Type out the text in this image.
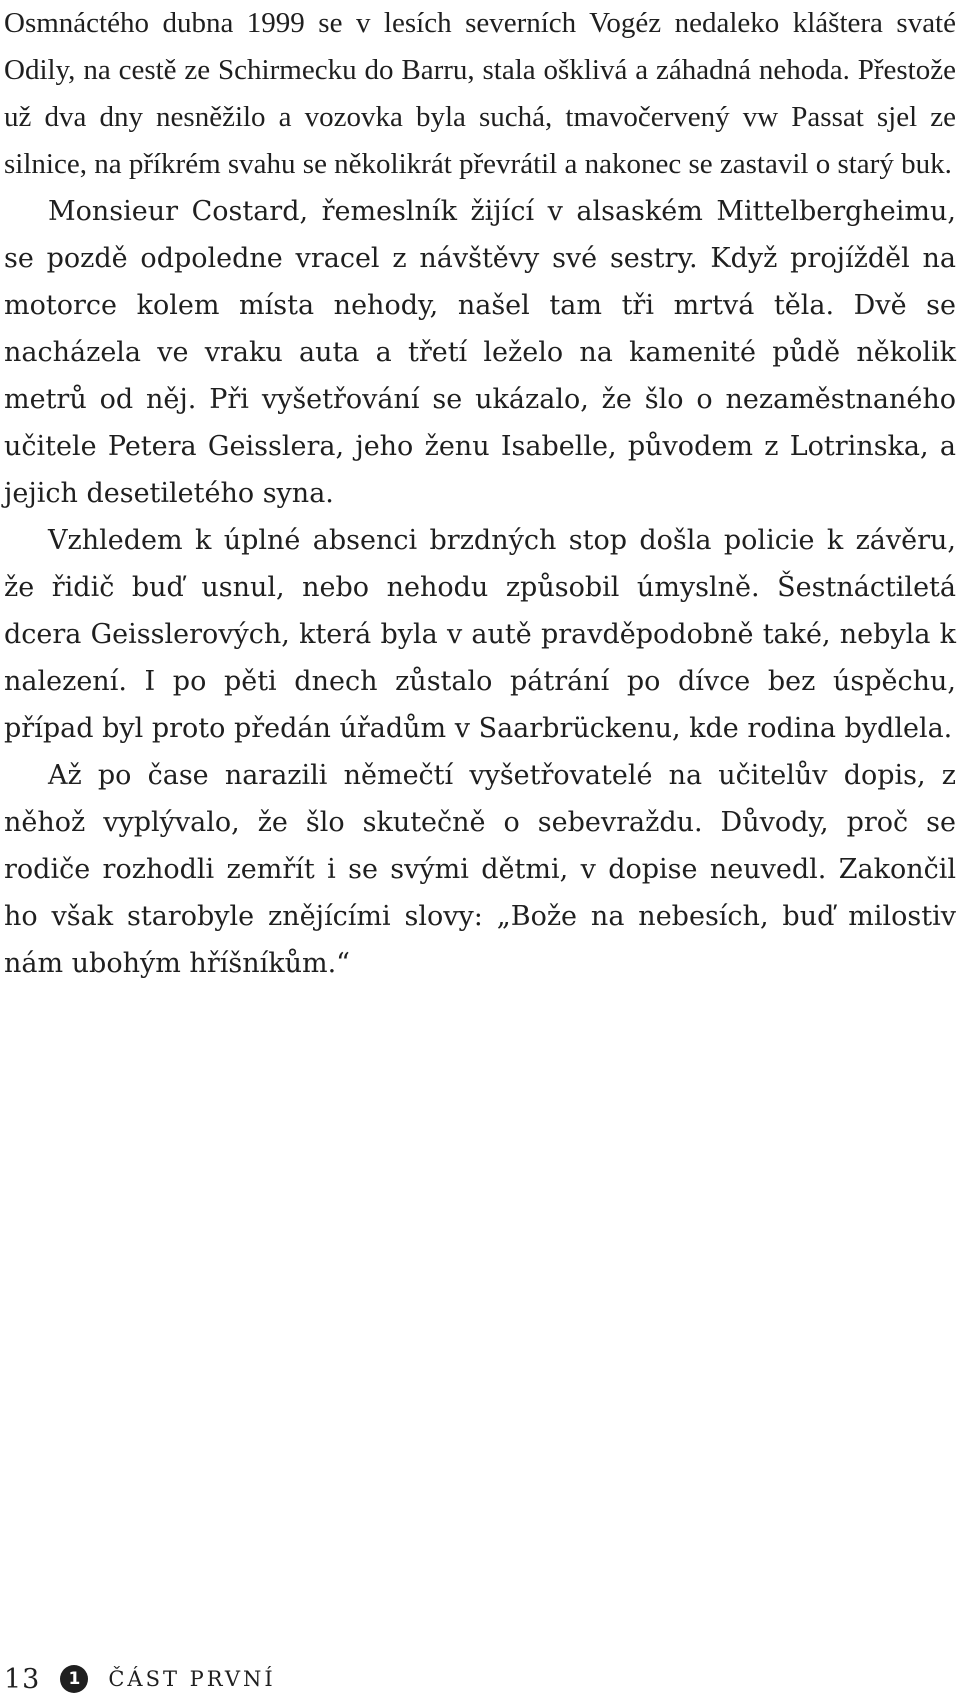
Osmnáctého dubna 1999 se v lesích severních Vogéz nedaleko kláštera svaté Odily, na cestě ze Schirmecku do Barru, stala ošklivá a záhadná nehoda. Přestože už dva dny nesněžilo a vozovka byla suchá, tmavočervený vw Passat sjel ze silnice, na příkrém svahu se několikrát převrátil a nakonec se zastavil o starý buk.

Monsieur Costard, řemeslník žijící v alsaském Mittelbergheimu, se pozdě odpoledne vracel z návštěvy své sestry. Když projížděl na motorce kolem místa nehody, našel tam tři mrtvá těla. Dvě se nacházela ve vraku auta a třetí leželo na kamenité půdě několik metrů od něj. Při vyšetřování se ukázalo, že šlo o nezaměstnaného učitele Petera Geisslera, jeho ženu Isabelle, původem z Lotrinska, a jejich desetiletého syna.

Vzhledem k úplné absenci brzdných stop došla policie k závěru, že řidič buď usnul, nebo nehodu způsobil úmyslně. Šestnáctiletá dcera Geisslerových, která byla v autě pravděpodobně také, nebyla k nalezení. I po pěti dnech zůstalo pátrání po dívce bez úspěchu, případ byl proto předán úřadům v Saarbrückenu, kde rodina bydlela.

Až po čase narazili němečtí vyšetřovatelé na učitelův dopis, z něhož vyplývalo, že šlo skutečně o sebevraždu. Důvody, proč se rodiče rozhodli zemřít i se svými dětmi, v dopise neuvedl. Zakončil ho však starobyle znějícími slovy: „Bože na nebesích, buď milostiv nám ubohým hříšníkům.“

13	1	ČÁST PRVNÍ
